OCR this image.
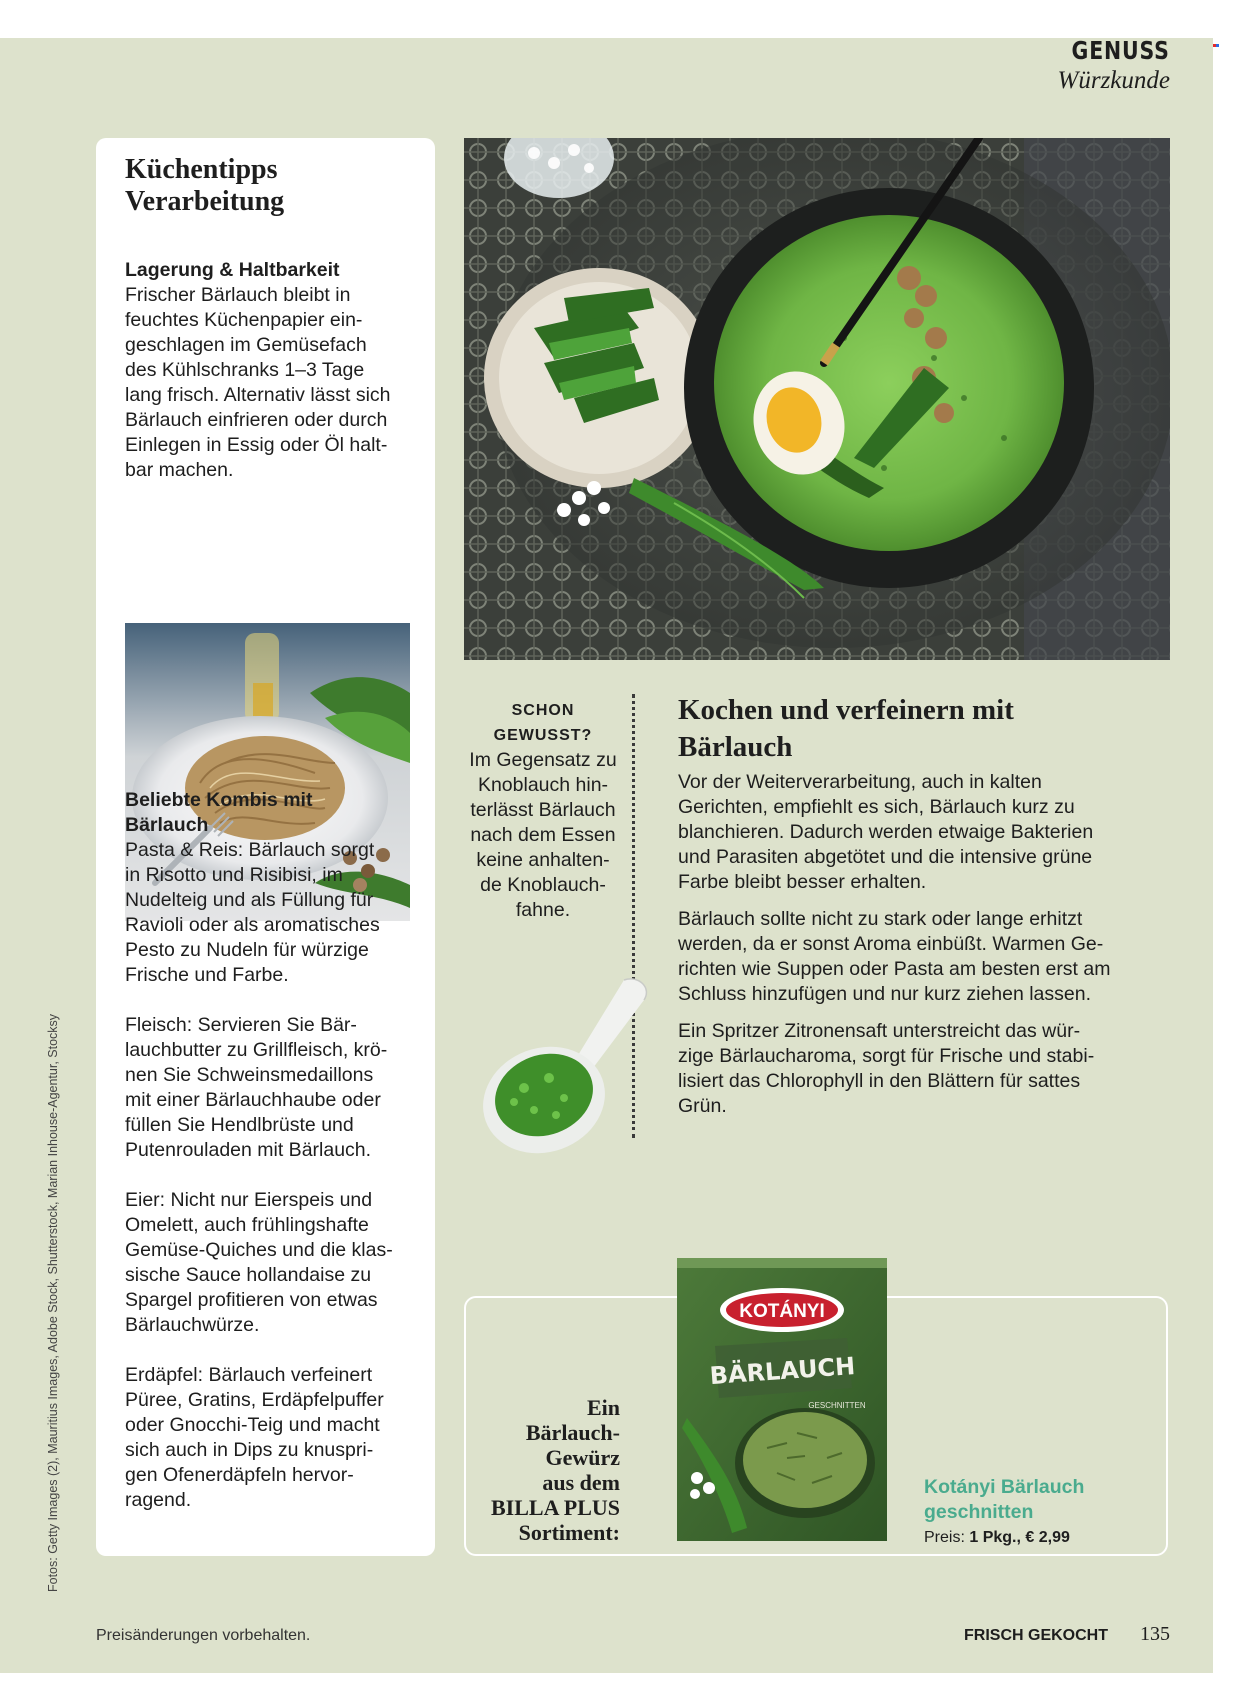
GENUSS
Würzkunde
Küchentipps
Verarbeitung
Lagerung & Haltbarkeit
Frischer Bärlauch bleibt in
feuchtes Küchenpapier ein-
geschlagen im Gemüsefach
des Kühlschranks 1–3 Tage
lang frisch. Alternativ lässt sich
Bärlauch einfrieren oder durch
Einlegen in Essig oder Öl halt-
bar machen.
Beliebte Kombis mit
Bärlauch
Pasta & Reis: Bärlauch sorgt
in Risotto und Risibisi, im
Nudelteig und als Füllung für
Ravioli oder als aromatisches
Pesto zu Nudeln für würzige
Frische und Farbe.
Fleisch: Servieren Sie Bär-
lauchbutter zu Grillfleisch, krö-
nen Sie Schweinsmedaillons
mit einer Bärlauchhaube oder
füllen Sie Hendlbrüste und
Putenrouladen mit Bärlauch.
Eier: Nicht nur Eierspeis und
Omelett, auch frühlingshafte
Gemüse-Quiches und die klas-
sische Sauce hollandaise zu
Spargel profitieren von etwas
Bärlauchwürze.
Erdäpfel: Bärlauch verfeinert
Püree, Gratins, Erdäpfelpuffer
oder Gnocchi-Teig und macht
sich auch in Dips zu knuspri-
gen Ofenerdäpfeln hervor-
ragend.
SCHON
GEWUSST?
Im Gegensatz zu
Knoblauch hin-
terlässt Bärlauch
nach dem Essen
keine anhalten-
de Knoblauch-
fahne.
Kochen und verfeinern mit
Bärlauch
Vor der Weiterverarbeitung, auch in kalten
Gerichten, empfiehlt es sich, Bärlauch kurz zu
blanchieren. Dadurch werden etwaige Bakterien
und Parasiten abgetötet und die intensive grüne
Farbe bleibt besser erhalten.
Bärlauch sollte nicht zu stark oder lange erhitzt
werden, da er sonst Aroma einbüßt. Warmen Ge-
richten wie Suppen oder Pasta am besten erst am
Schluss hinzufügen und nur kurz ziehen lassen.
Ein Spritzer Zitronensaft unterstreicht das wür-
zige Bärlaucharoma, sorgt für Frische und stabi-
lisiert das Chlorophyll in den Blättern für sattes
Grün.
Ein
Bärlauch-
Gewürz
aus dem
BILLA PLUS
Sortiment:
KOTÁNYI
BÄRLAUCH
GESCHNITTEN
Kotányi Bärlauch
geschnitten
Preis: 1 Pkg., € 2,99
Preisänderungen vorbehalten.	FRISCH GEKOCHT 135
Fotos: Getty Images (2), Mauritius Images, Adobe Stock, Shutterstock, Marian Inhouse-Agentur, Stocksy
